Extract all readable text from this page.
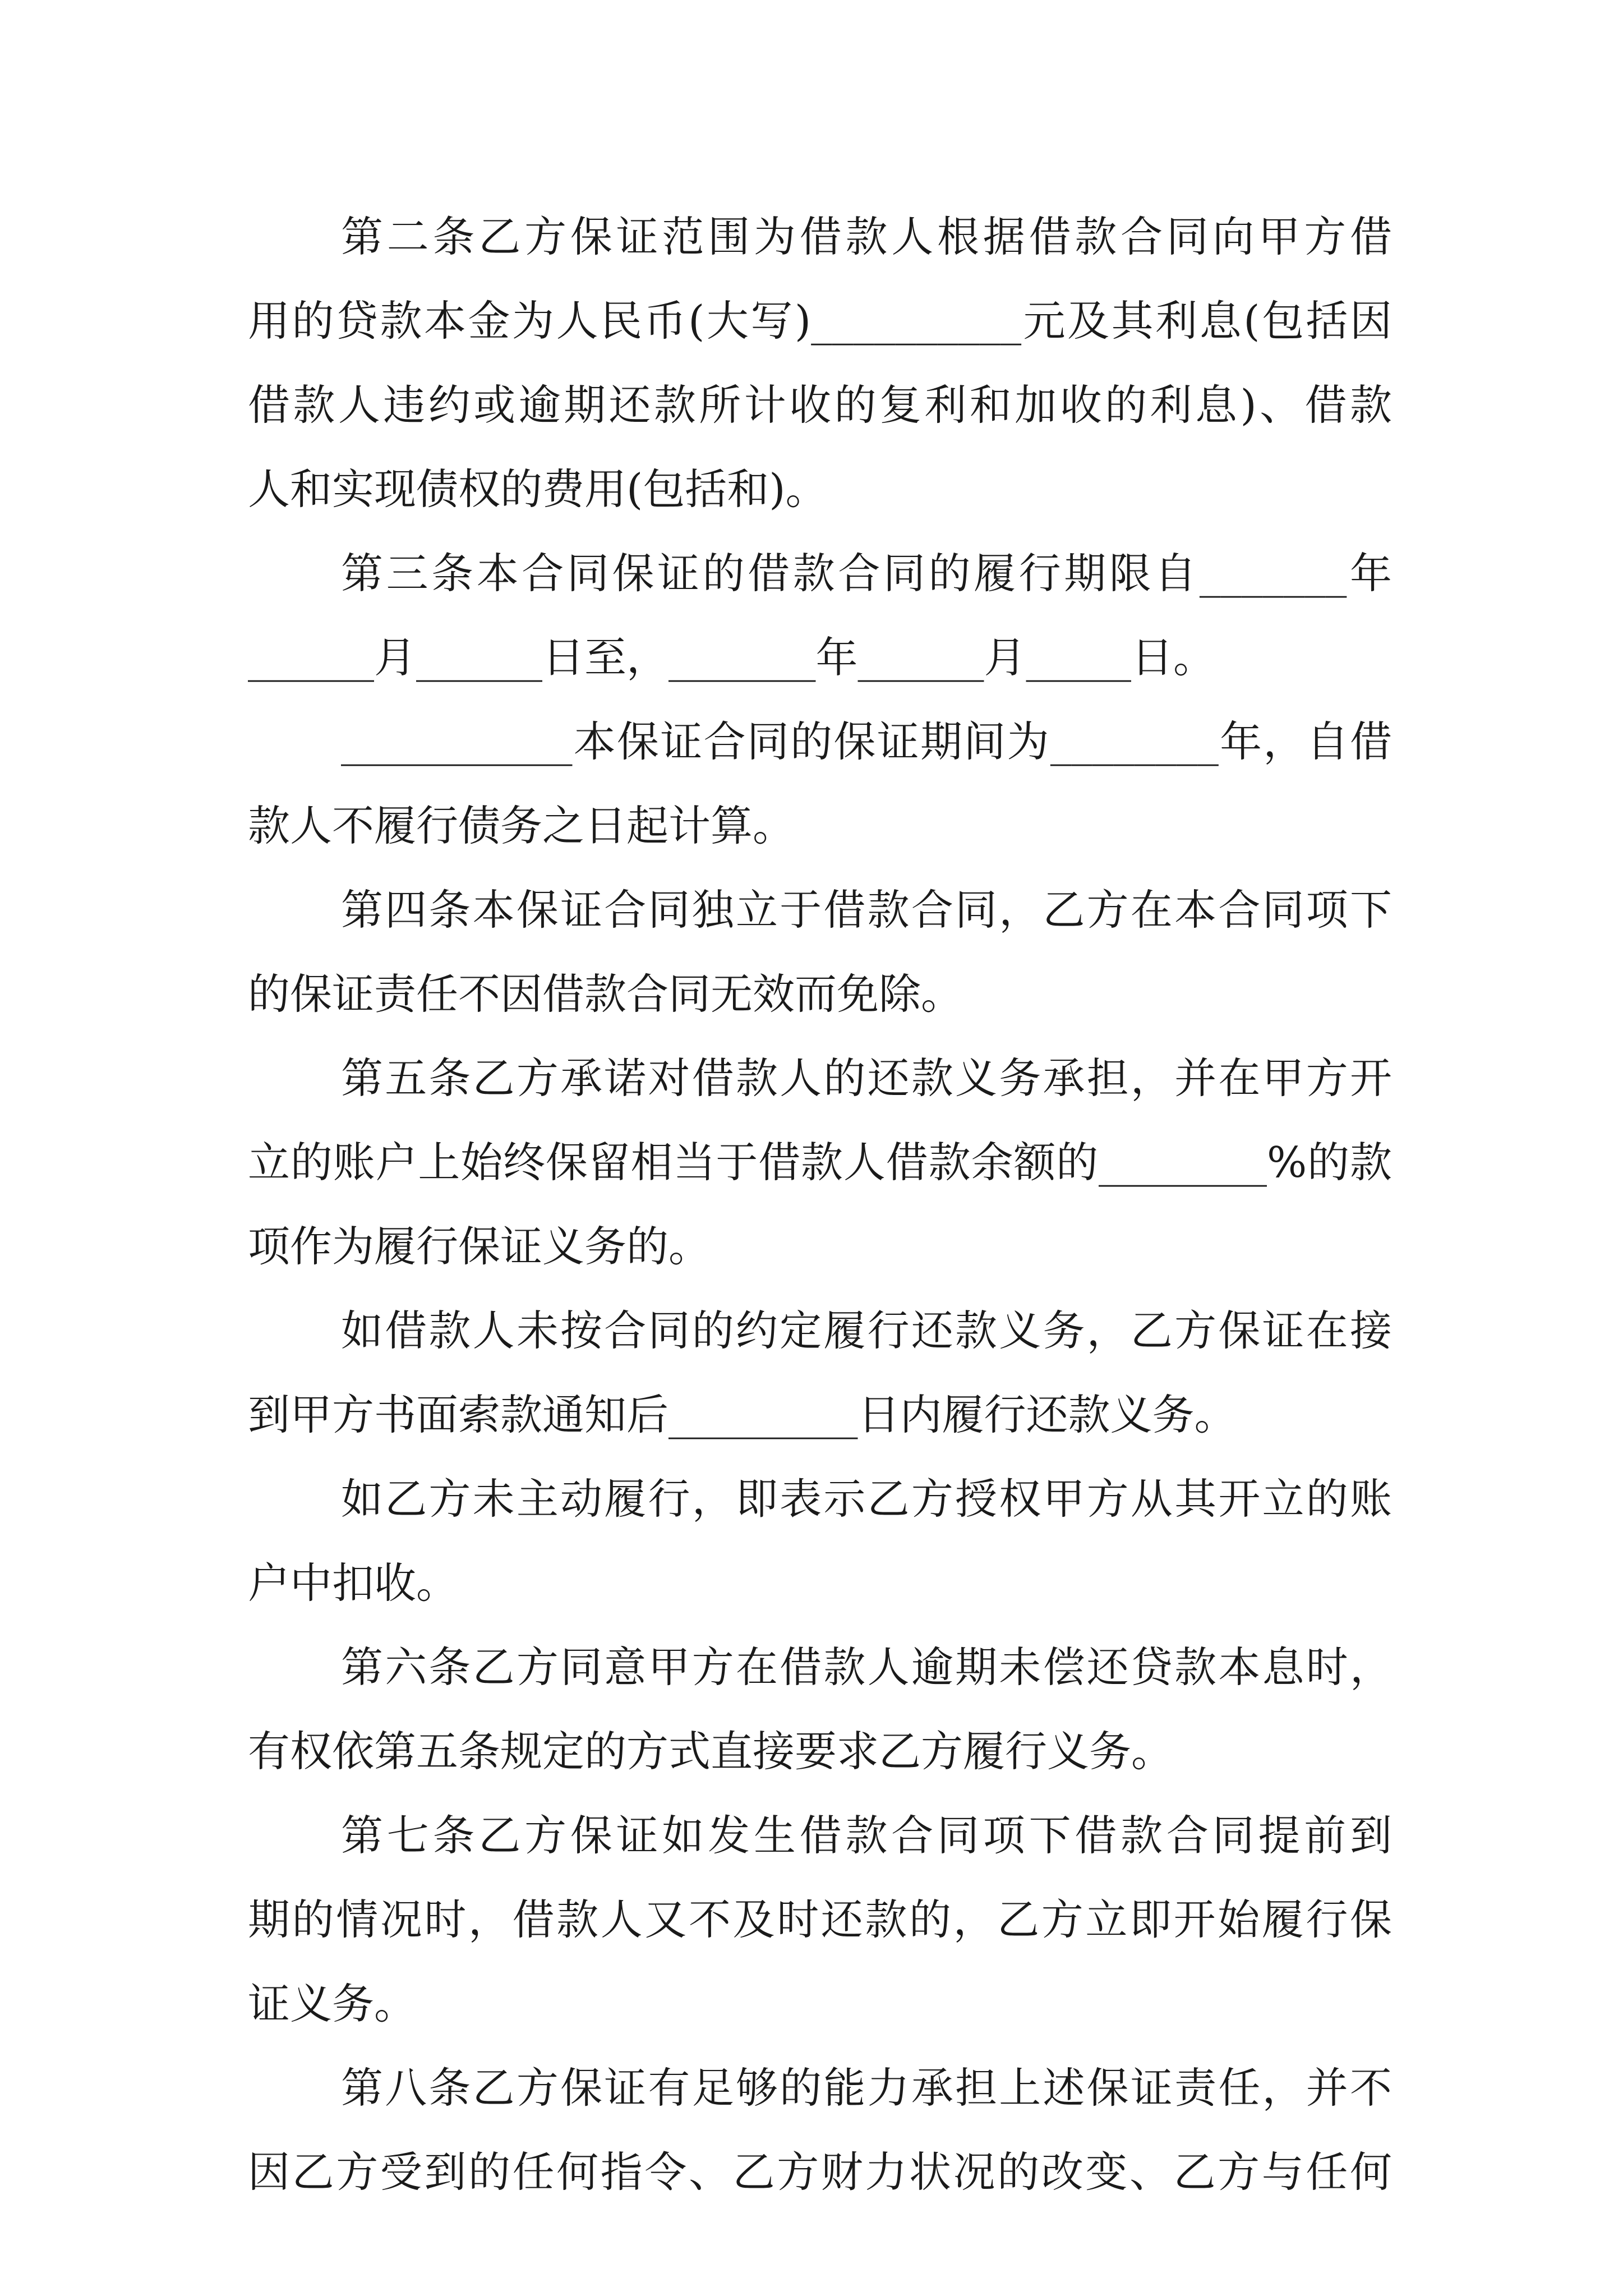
第二条乙方保证范围为借款人根据借款合同向甲方借
用的贷款本金为人民币(大写)__________元及其利息(包括因
借款人违约或逾期还款所计收的复利和加收的利息)、借款
人和实现债权的费用(包括和)。
第三条本合同保证的借款合同的履行期限自_______年
______月______日至，_______年______月_____日。
___________本保证合同的保证期间为________年，自借
款人不履行债务之日起计算。
第四条本保证合同独立于借款合同，乙方在本合同项下
的保证责任不因借款合同无效而免除。
第五条乙方承诺对借款人的还款义务承担，并在甲方开
立的账户上始终保留相当于借款人借款余额的________%的款
项作为履行保证义务的。
如借款人未按合同的约定履行还款义务，乙方保证在接
到甲方书面索款通知后_________日内履行还款义务。
如乙方未主动履行，即表示乙方授权甲方从其开立的账
户中扣收。
第六条乙方同意甲方在借款人逾期未偿还贷款本息时，
有权依第五条规定的方式直接要求乙方履行义务。
第七条乙方保证如发生借款合同项下借款合同提前到
期的情况时，借款人又不及时还款的，乙方立即开始履行保
证义务。
第八条乙方保证有足够的能力承担上述保证责任，并不
因乙方受到的任何指令、乙方财力状况的改变、乙方与任何
